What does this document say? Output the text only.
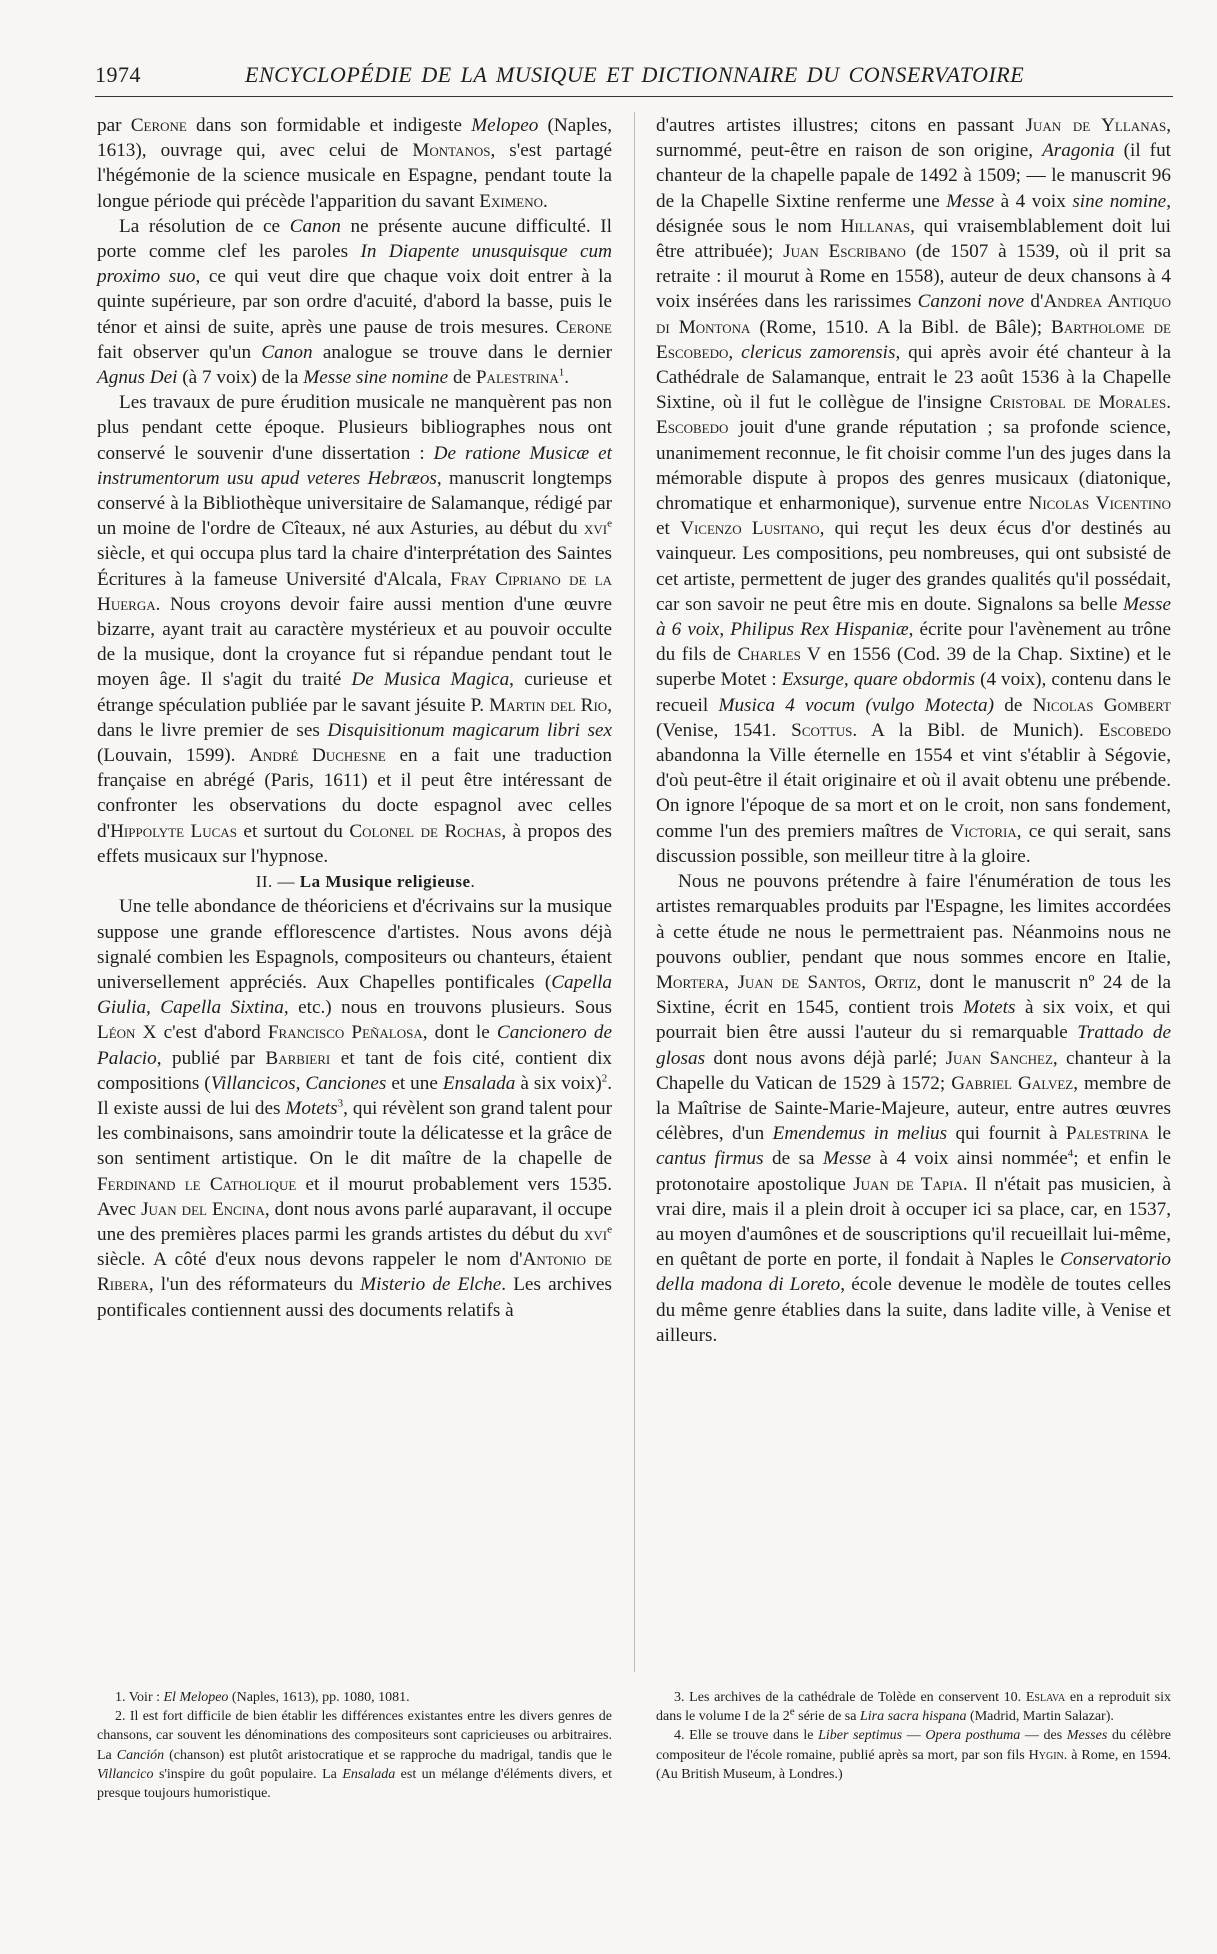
1974	ENCYCLOPÉDIE DE LA MUSIQUE ET DICTIONNAIRE DU CONSERVATOIRE

par Cerone dans son formidable et indigeste Melopeo (Naples, 1613), ouvrage qui, avec celui de Montanos, s'est partagé l'hégémonie de la science musicale en Espagne, pendant toute la longue période qui précède l'apparition du savant Eximeno.

La résolution de ce Canon ne présente aucune difficulté. Il porte comme clef les paroles In Diapente unusquisque cum proximo suo, ce qui veut dire que chaque voix doit entrer à la quinte supérieure, par son ordre d'acuité, d'abord la basse, puis le ténor et ainsi de suite, après une pause de trois mesures. Cerone fait observer qu'un Canon analogue se trouve dans le dernier Agnus Dei (à 7 voix) de la Messe sine nomine de Palestrina$^1$.

Les travaux de pure érudition musicale ne manquèrent pas non plus pendant cette époque. Plusieurs bibliographes nous ont conservé le souvenir d'une dissertation : De ratione Musicæ et instrumentorum usu apud veteres Hebræos, manuscrit longtemps conservé à la Bibliothèque universitaire de Salamanque, rédigé par un moine de l'ordre de Cîteaux, né aux Asturies, au début du xvi$^e$ siècle, et qui occupa plus tard la chaire d'interprétation des Saintes Écritures à la fameuse Université d'Alcala, Fray Cipriano de la Huerga. Nous croyons devoir faire aussi mention d'une œuvre bizarre, ayant trait au caractère mystérieux et au pouvoir occulte de la musique, dont la croyance fut si répandue pendant tout le moyen âge. Il s'agit du traité De Musica Magica, curieuse et étrange spéculation publiée par le savant jésuite P. Martin del Rio, dans le livre premier de ses Disquisitionum magicarum libri sex (Louvain, 1599). André Duchesne en a fait une traduction française en abrégé (Paris, 1611) et il peut être intéressant de confronter les observations du docte espagnol avec celles d'Hippolyte Lucas et surtout du Colonel de Rochas, à propos des effets musicaux sur l'hypnose.

II. — La Musique religieuse.

Une telle abondance de théoriciens et d'écrivains sur la musique suppose une grande efflorescence d'artistes. Nous avons déjà signalé combien les Espagnols, compositeurs ou chanteurs, étaient universellement appréciés. Aux Chapelles pontificales (Capella Giulia, Capella Sixtina, etc.) nous en trouvons plusieurs. Sous Léon X c'est d'abord Francisco Peñalosa, dont le Cancionero de Palacio, publié par Barbieri et tant de fois cité, contient dix compositions (Villancicos, Canciones et une Ensalada à six voix)$^2$. Il existe aussi de lui des Motets$^3$, qui révèlent son grand talent pour les combinaisons, sans amoindrir toute la délicatesse et la grâce de son sentiment artistique. On le dit maître de la chapelle de Ferdinand le Catholique et il mourut probablement vers 1535. Avec Juan del Encina, dont nous avons parlé auparavant, il occupe une des premières places parmi les grands artistes du début du xvi$^e$ siècle. A côté d'eux nous devons rappeler le nom d'Antonio de Ribera, l'un des réformateurs du Misterio de Elche. Les archives pontificales contiennent aussi des documents relatifs à

d'autres artistes illustres; citons en passant Juan de Yllanas, surnommé, peut-être en raison de son origine, Aragonia (il fut chanteur de la chapelle papale de 1492 à 1509; — le manuscrit 96 de la Chapelle Sixtine renferme une Messe à 4 voix sine nomine, désignée sous le nom Hillanas, qui vraisemblablement doit lui être attribuée); Juan Escribano (de 1507 à 1539, où il prit sa retraite : il mourut à Rome en 1558), auteur de deux chansons à 4 voix insérées dans les rarissimes Canzoni nove d'Andrea Antiquo di Montona (Rome, 1510. A la Bibl. de Bâle); Bartholome de Escobedo, clericus zamorensis, qui après avoir été chanteur à la Cathédrale de Salamanque, entrait le 23 août 1536 à la Chapelle Sixtine, où il fut le collègue de l'insigne Cristobal de Morales. Escobedo jouit d'une grande réputation ; sa profonde science, unanimement reconnue, le fit choisir comme l'un des juges dans la mémorable dispute à propos des genres musicaux (diatonique, chromatique et enharmonique), survenue entre Nicolas Vicentino et Vicenzo Lusitano, qui reçut les deux écus d'or destinés au vainqueur. Les compositions, peu nombreuses, qui ont subsisté de cet artiste, permettent de juger des grandes qualités qu'il possédait, car son savoir ne peut être mis en doute. Signalons sa belle Messe à 6 voix, Philipus Rex Hispaniæ, écrite pour l'avènement au trône du fils de Charles V en 1556 (Cod. 39 de la Chap. Sixtine) et le superbe Motet : Exsurge, quare obdormis (4 voix), contenu dans le recueil Musica 4 vocum (vulgo Motecta) de Nicolas Gombert (Venise, 1541. Scottus. A la Bibl. de Munich). Escobedo abandonna la Ville éternelle en 1554 et vint s'établir à Ségovie, d'où peut-être il était originaire et où il avait obtenu une prébende. On ignore l'époque de sa mort et on le croit, non sans fondement, comme l'un des premiers maîtres de Victoria, ce qui serait, sans discussion possible, son meilleur titre à la gloire.

Nous ne pouvons prétendre à faire l'énumération de tous les artistes remarquables produits par l'Espagne, les limites accordées à cette étude ne nous le permettraient pas. Néanmoins nous ne pouvons oublier, pendant que nous sommes encore en Italie, Mortera, Juan de Santos, Ortiz, dont le manuscrit nº 24 de la Sixtine, écrit en 1545, contient trois Motets à six voix, et qui pourrait bien être aussi l'auteur du si remarquable Trattado de glosas dont nous avons déjà parlé; Juan Sanchez, chanteur à la Chapelle du Vatican de 1529 à 1572; Gabriel Galvez, membre de la Maîtrise de Sainte-Marie-Majeure, auteur, entre autres œuvres célèbres, d'un Emendemus in melius qui fournit à Palestrina le cantus firmus de sa Messe à 4 voix ainsi nommée$^4$; et enfin le protonotaire apostolique Juan de Tapia. Il n'était pas musicien, à vrai dire, mais il a plein droit à occuper ici sa place, car, en 1537, au moyen d'aumônes et de souscriptions qu'il recueillait lui-même, en quêtant de porte en porte, il fondait à Naples le Conservatorio della madona di Loreto, école devenue le modèle de toutes celles du même genre établies dans la suite, dans ladite ville, à Venise et ailleurs.

1. Voir : El Melopeo (Naples, 1613), pp. 1080, 1081.

2. Il est fort difficile de bien établir les différences existantes entre les divers genres de chansons, car souvent les dénominations des compositeurs sont capricieuses ou arbitraires. La Canción (chanson) est plutôt aristocratique et se rapproche du madrigal, tandis que le Villancico s'inspire du goût populaire. La Ensalada est un mélange d'éléments divers, et presque toujours humoristique.

3. Les archives de la cathédrale de Tolède en conservent 10. Eslava en a reproduit six dans le volume I de la 2e série de sa Lira sacra hispana (Madrid, Martin Salazar).

4. Elle se trouve dans le Liber septimus — Opera posthuma — des Messes du célèbre compositeur de l'école romaine, publié après sa mort, par son fils Hygin. à Rome, en 1594. (Au British Museum, à Londres.)
